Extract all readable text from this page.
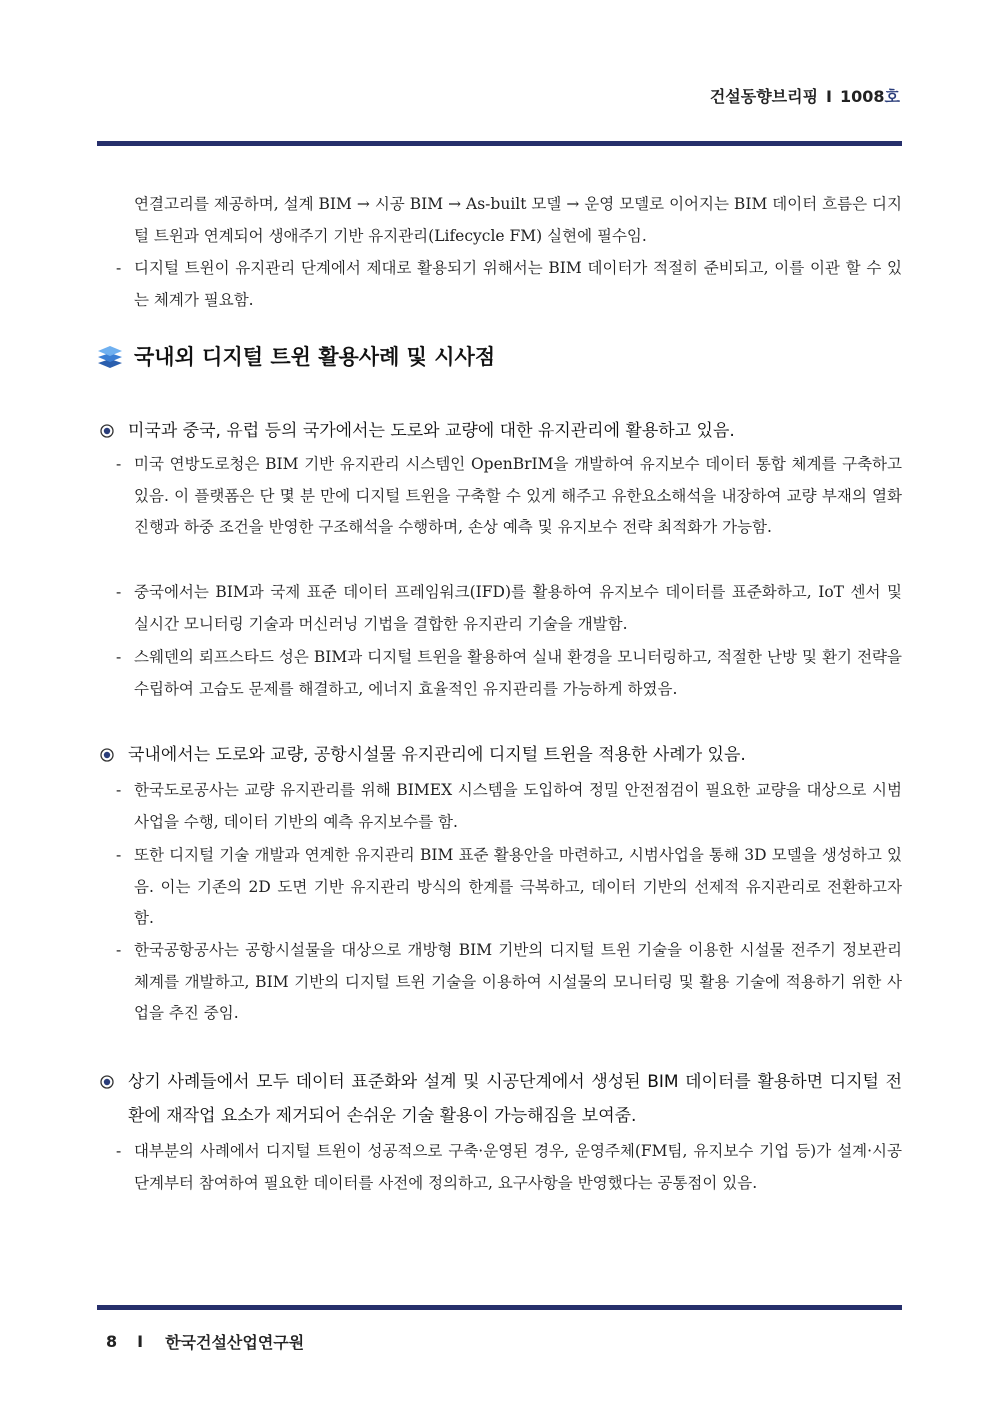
건설동향브리핑 I 1008호
연결고리를 제공하며, 설계 BIM → 시공 BIM → As-built 모델 → 운영 모델로 이어지는 BIM 데이터 흐름은 디지털 트윈과 연계되어 생애주기 기반 유지관리(Lifecycle FM) 실현에 필수임.
- 디지털 트윈이 유지관리 단계에서 제대로 활용되기 위해서는 BIM 데이터가 적절히 준비되고, 이를 이관 할 수 있는 체계가 필요함.
국내외 디지털 트윈 활용사례 및 시사점
미국과 중국, 유럽 등의 국가에서는 도로와 교량에 대한 유지관리에 활용하고 있음.
- 미국 연방도로청은 BIM 기반 유지관리 시스템인 OpenBrIM을 개발하여 유지보수 데이터 통합 체계를 구축하고 있음. 이 플랫폼은 단 몇 분 만에 디지털 트윈을 구축할 수 있게 해주고 유한요소해석을 내장하여 교량 부재의 열화 진행과 하중 조건을 반영한 구조해석을 수행하며, 손상 예측 및 유지보수 전략 최적화가 가능함.
- 중국에서는 BIM과 국제 표준 데이터 프레임워크(IFD)를 활용하여 유지보수 데이터를 표준화하고, IoT 센서 및 실시간 모니터링 기술과 머신러닝 기법을 결합한 유지관리 기술을 개발함.
- 스웨덴의 뢰프스타드 성은 BIM과 디지털 트윈을 활용하여 실내 환경을 모니터링하고, 적절한 난방 및 환기 전략을 수립하여 고습도 문제를 해결하고, 에너지 효율적인 유지관리를 가능하게 하였음.
국내에서는 도로와 교량, 공항시설물 유지관리에 디지털 트윈을 적용한 사례가 있음.
- 한국도로공사는 교량 유지관리를 위해 BIMEX 시스템을 도입하여 정밀 안전점검이 필요한 교량을 대상으로 시범사업을 수행, 데이터 기반의 예측 유지보수를 함.
- 또한 디지털 기술 개발과 연계한 유지관리 BIM 표준 활용안을 마련하고, 시범사업을 통해 3D 모델을 생성하고 있음. 이는 기존의 2D 도면 기반 유지관리 방식의 한계를 극복하고, 데이터 기반의 선제적 유지관리로 전환하고자 함.
- 한국공항공사는 공항시설물을 대상으로 개방형 BIM 기반의 디지털 트윈 기술을 이용한 시설물 전주기 정보관리 체계를 개발하고, BIM 기반의 디지털 트윈 기술을 이용하여 시설물의 모니터링 및 활용 기술에 적용하기 위한 사업을 추진 중임.
상기 사례들에서 모두 데이터 표준화와 설계 및 시공단계에서 생성된 BIM 데이터를 활용하면 디지털 전환에 재작업 요소가 제거되어 손쉬운 기술 활용이 가능해짐을 보여줌.
- 대부분의 사례에서 디지털 트윈이 성공적으로 구축·운영된 경우, 운영주체(FM팀, 유지보수 기업 등)가 설계·시공 단계부터 참여하여 필요한 데이터를 사전에 정의하고, 요구사항을 반영했다는 공통점이 있음.
8 I 한국건설산업연구원
